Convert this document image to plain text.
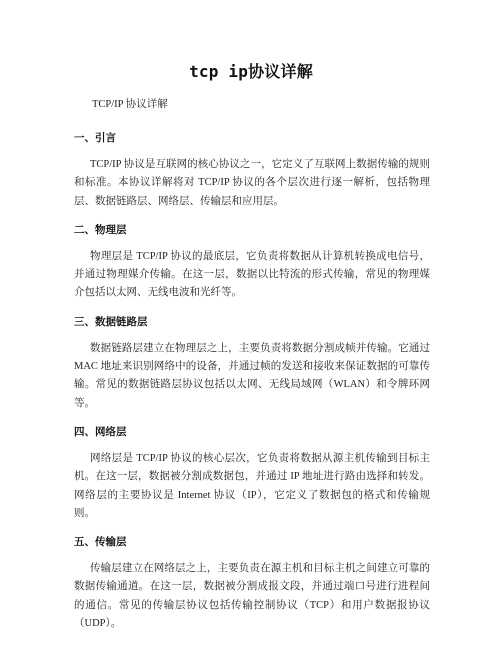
tcp ip协议详解

TCP/IP 协议详解

一、引言

TCP/IP 协议是互联网的核心协议之一，它定义了互联网上数据传输的规则和标准。本协议详解将对 TCP/IP 协议的各个层次进行逐一解析，包括物理层、数据链路层、网络层、传输层和应用层。

二、物理层

物理层是 TCP/IP 协议的最底层，它负责将数据从计算机转换成电信号，并通过物理媒介传输。在这一层，数据以比特流的形式传输，常见的物理媒介包括以太网、无线电波和光纤等。

三、数据链路层

数据链路层建立在物理层之上，主要负责将数据分割成帧并传输。它通过 MAC 地址来识别网络中的设备，并通过帧的发送和接收来保证数据的可靠传输。常见的数据链路层协议包括以太网、无线局域网（WLAN）和令牌环网等。

四、网络层

网络层是 TCP/IP 协议的核心层次，它负责将数据从源主机传输到目标主机。在这一层，数据被分割成数据包，并通过 IP 地址进行路由选择和转发。网络层的主要协议是 Internet 协议（IP），它定义了数据包的格式和传输规则。

五、传输层

传输层建立在网络层之上，主要负责在源主机和目标主机之间建立可靠的数据传输通道。在这一层，数据被分割成报文段，并通过端口号进行进程间的通信。常见的传输层协议包括传输控制协议（TCP）和用户数据报协议（UDP）。
